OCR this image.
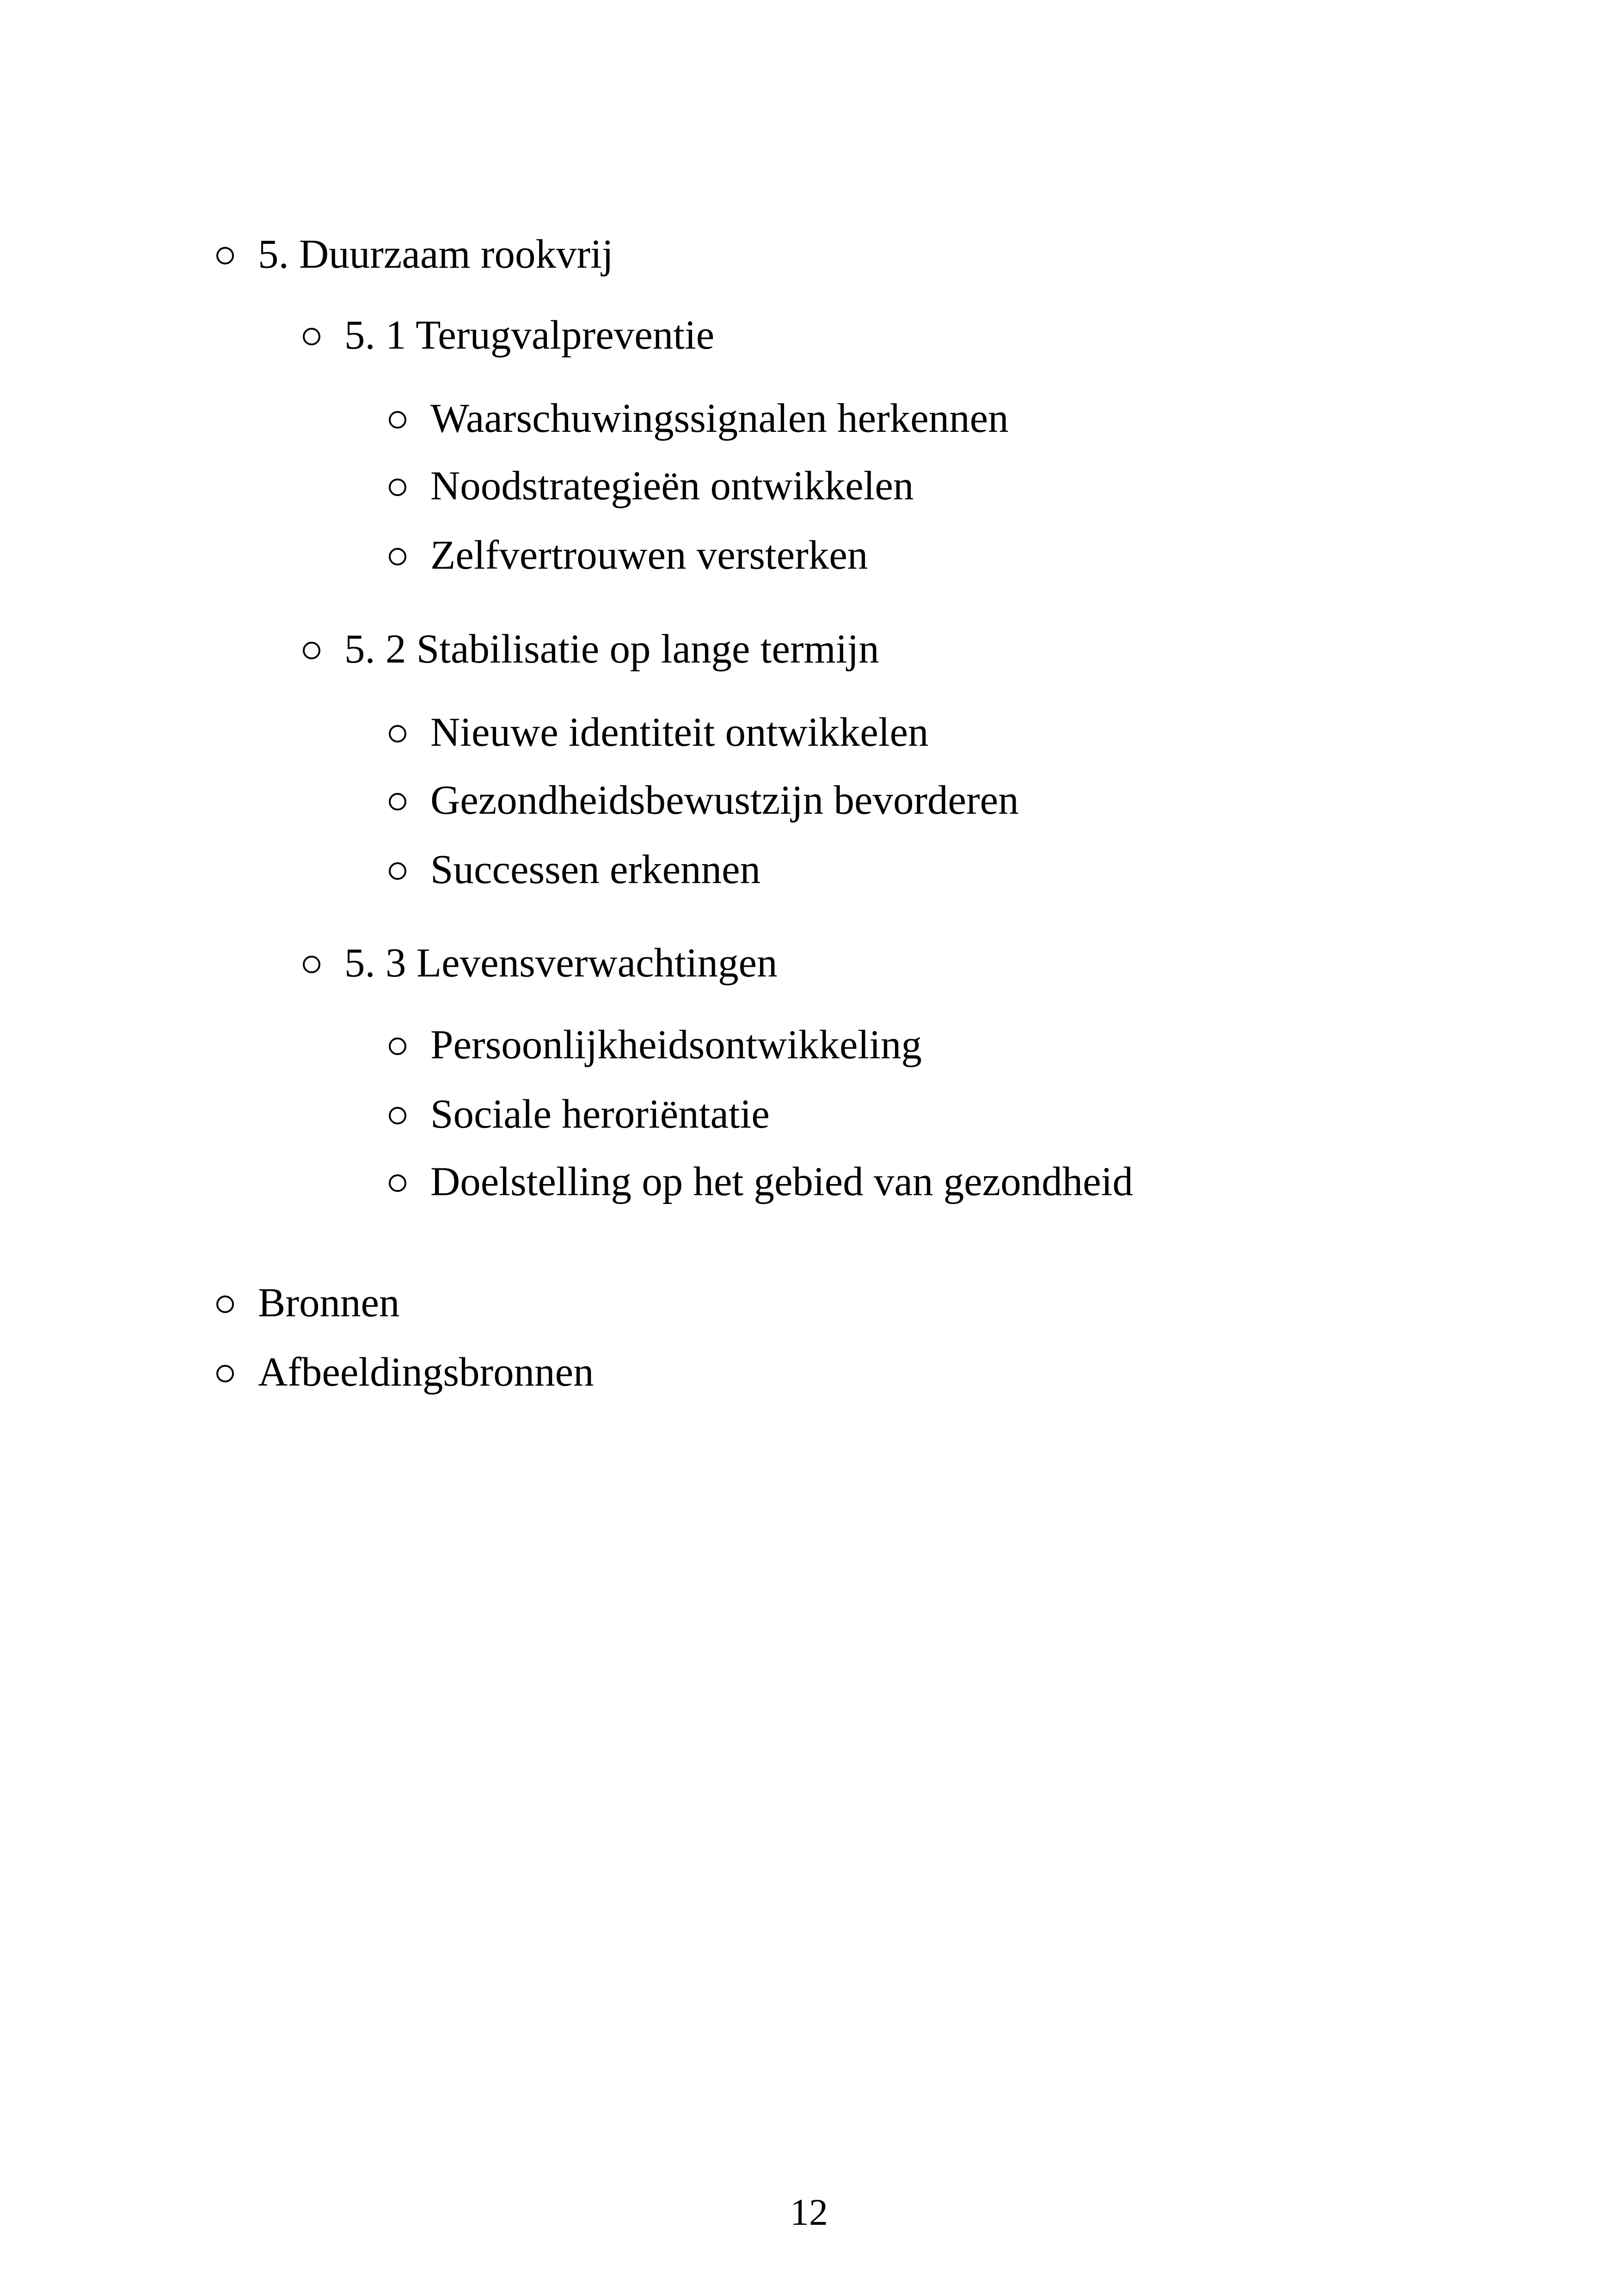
5. Duurzaam rookvrij
5. 1 Terugvalpreventie
Waarschuwingssignalen herkennen
Noodstrategieën ontwikkelen
Zelfvertrouwen versterken
5. 2 Stabilisatie op lange termijn
Nieuwe identiteit ontwikkelen
Gezondheidsbewustzijn bevorderen
Successen erkennen
5. 3 Levensverwachtingen
Persoonlijkheidsontwikkeling
Sociale heroriëntatie
Doelstelling op het gebied van gezondheid
Bronnen
Afbeeldingsbronnen
12
